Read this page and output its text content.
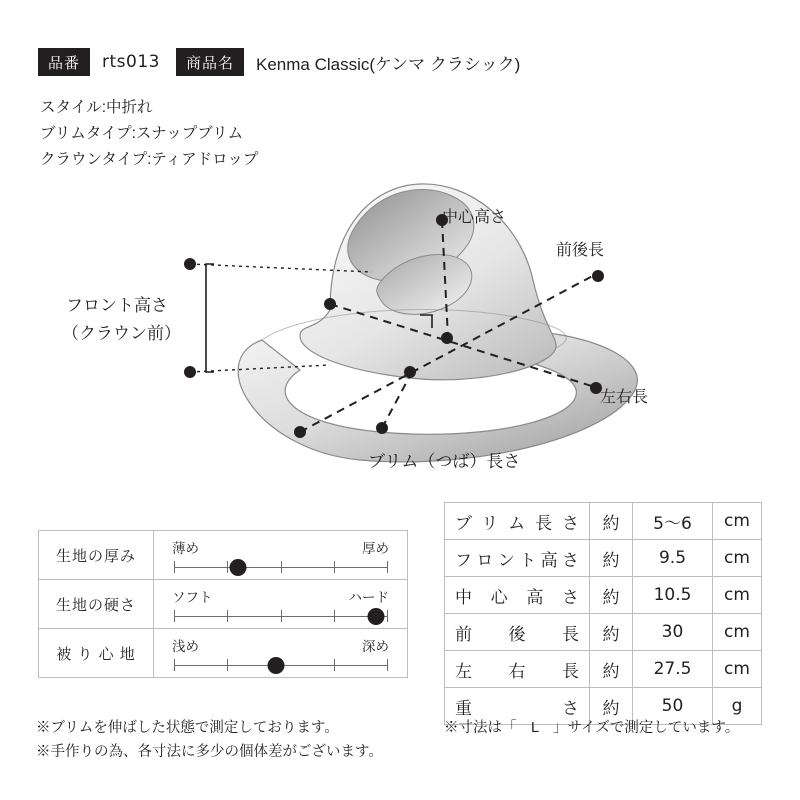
品番	rts013	商品名	Kenma Classic(ケンマ クラシック)
スタイル:中折れ
ブリムタイプ:スナップブリム
クラウンタイプ:ティアドロップ
中心高さ
前後長
フロント高さ
（クラウン前）
左右長
ブリム（つば）長さ
生地の厚み	薄め 厚め

生地の硬さ	ソフト ハード

被 り 心 地	浅め 深め
ブリム長さ	約	5〜6	cm
フロント高さ	約	9.5	cm
中心高さ	約	10.5	cm
前後長	約	30	cm
左右長	約	27.5	cm
重さ	約	50	g
※ブリムを伸ばした状態で測定しております。
※手作りの為、各寸法に多少の個体差がございます。
※寸法は「　L　」サイズで測定しています。
